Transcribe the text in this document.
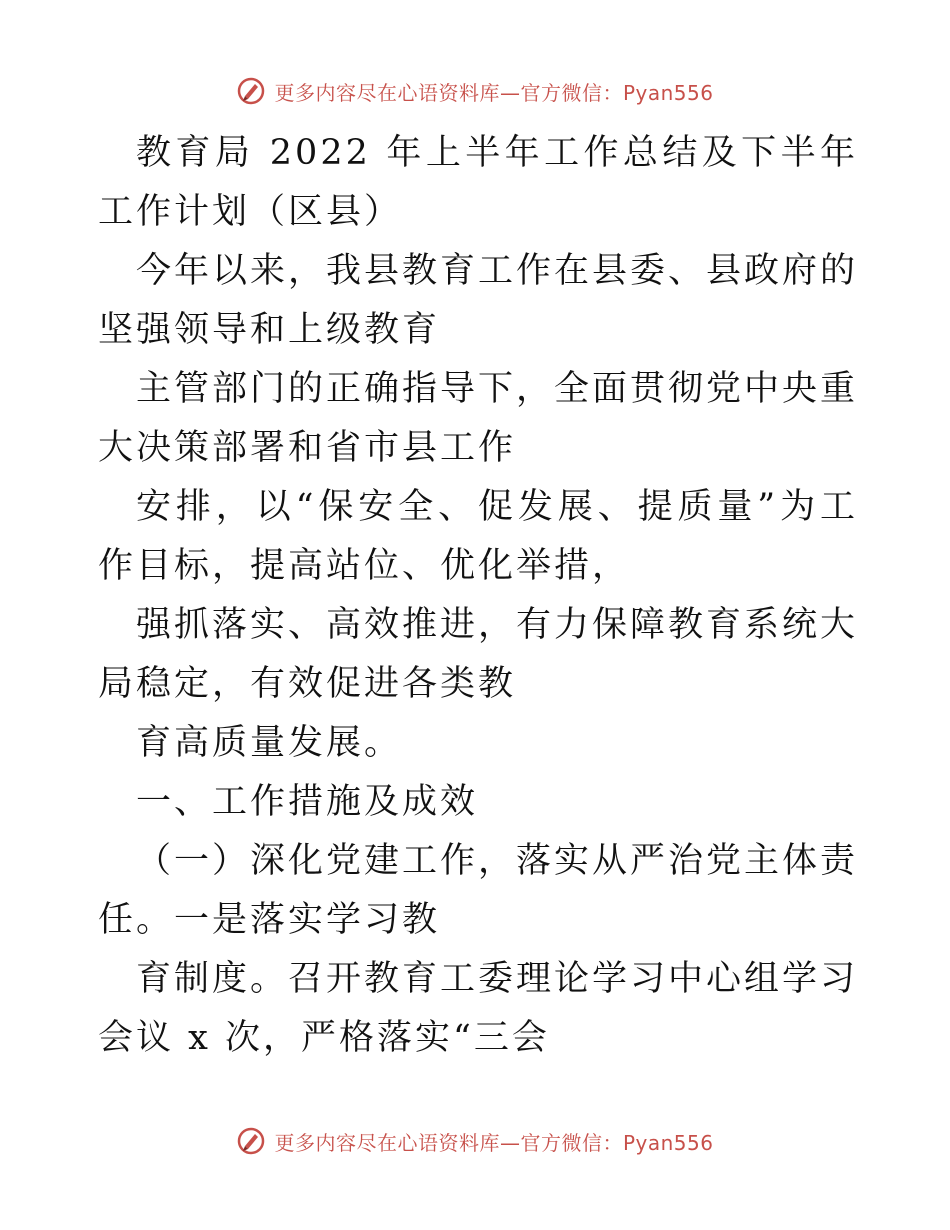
更多内容尽在心语资料库—官方微信：Pyan556

教育局 2022 年上半年工作总结及下半年工作计划（区县）

今年以来，我县教育工作在县委、县政府的坚强领导和上级教育

主管部门的正确指导下，全面贯彻党中央重大决策部署和省市县工作

安排，以“保安全、促发展、提质量”为工作目标，提高站位、优化举措，

强抓落实、高效推进，有力保障教育系统大局稳定，有效促进各类教

育高质量发展。

一、工作措施及成效

（一）深化党建工作，落实从严治党主体责任。一是落实学习教

育制度。召开教育工委理论学习中心组学习会议 x 次，严格落实“三会

更多内容尽在心语资料库—官方微信：Pyan556
